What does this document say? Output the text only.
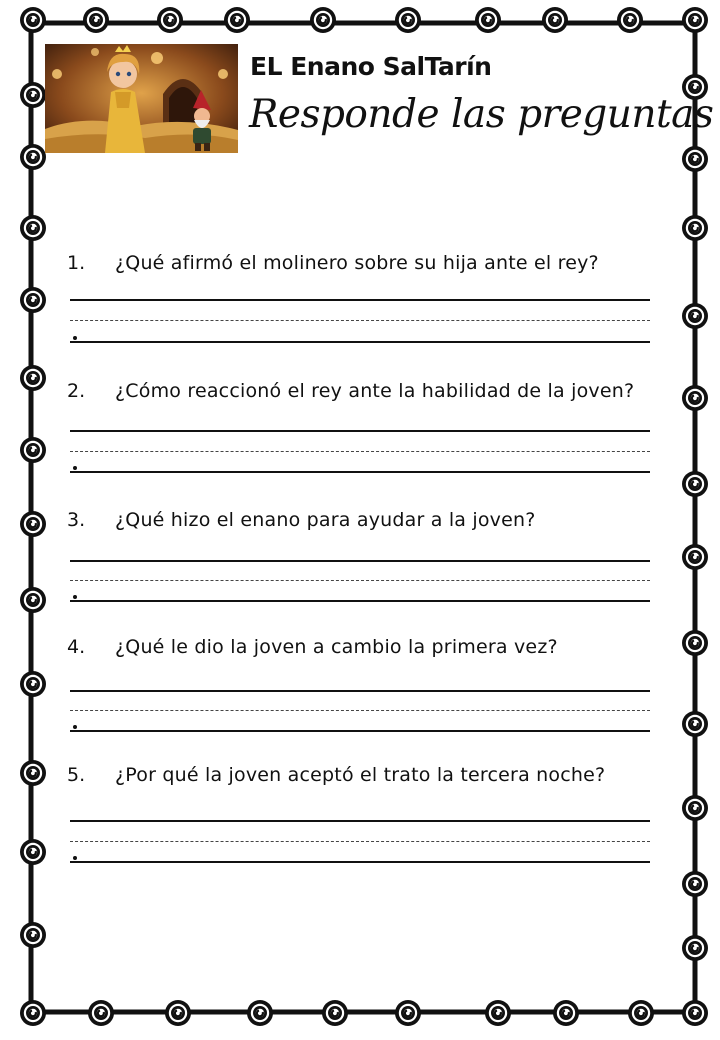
EL Enano SalTarín
Responde las preguntas
1. ¿Qué afirmó el molinero sobre su hija ante el rey?
2. ¿Cómo reaccionó el rey ante la habilidad de la joven?
3. ¿Qué hizo el enano para ayudar a la joven?
4. ¿Qué le dio la joven a cambio la primera vez?
5. ¿Por qué la joven aceptó el trato la tercera noche?
